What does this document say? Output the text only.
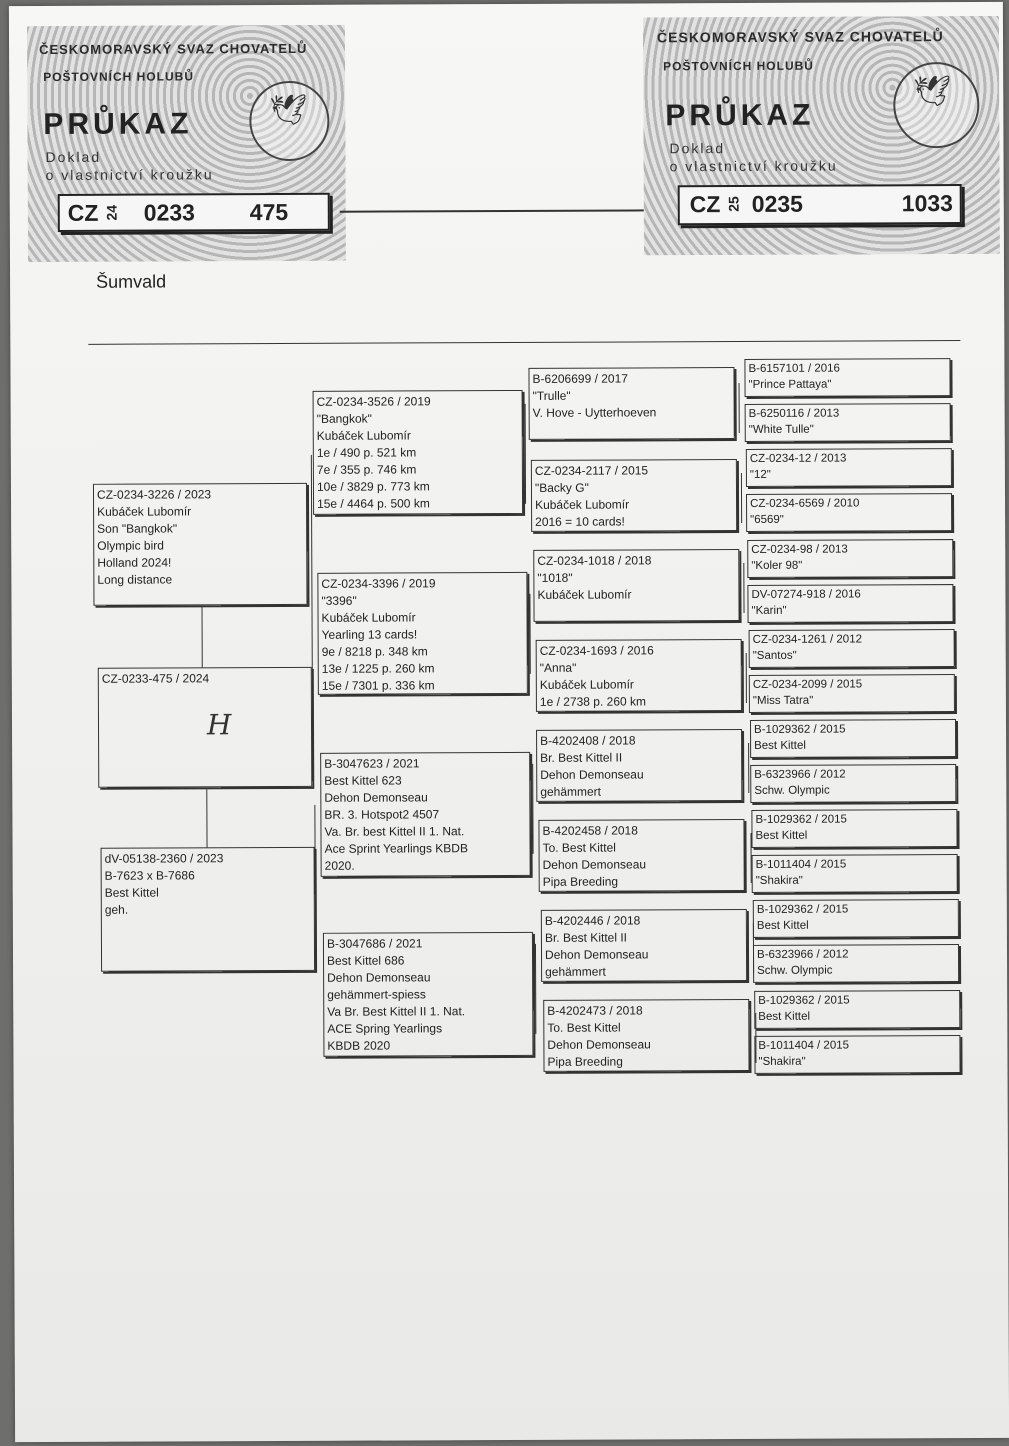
ČESKOMORAVSKÝ SVAZ CHOVATELŮ
POŠTOVNÍCH HOLUBŮ
PRŮKAZ
Doklad
o vlastnictví kroužku
🕊
CZ 24 0233 475
ČESKOMORAVSKÝ SVAZ CHOVATELŮ
POŠTOVNÍCH HOLUBŮ
PRŮKAZ
Doklad
o vlastnictví kroužku
🕊
CZ 25 0235	1033
Šumvald
CZ-0234-3226 / 2023
Kubáček Lubomír
Son "Bangkok"
Olympic bird
Holland 2024!
Long distance
CZ-0233-475 / 2024
H
dV-05138-2360 / 2023
B-7623 x B-7686
Best Kittel
geh.
CZ-0234-3526 / 2019
"Bangkok"
Kubáček Lubomír
1e / 490 p. 521 km
7e / 355 p. 746 km
10e / 3829 p. 773 km
15e / 4464 p. 500 km
CZ-0234-3396 / 2019
"3396"
Kubáček Lubomír
Yearling 13 cards!
9e / 8218 p. 348 km
13e / 1225 p. 260 km
15e / 7301 p. 336 km
B-3047623 / 2021
Best Kittel 623
Dehon Demonseau
BR. 3. Hotspot2 4507
Va. Br. best Kittel II 1. Nat.
Ace Sprint Yearlings KBDB
2020.
B-3047686 / 2021
Best Kittel 686
Dehon Demonseau
gehämmert-spiess
Va Br. Best Kittel II 1. Nat.
ACE Spring Yearlings
KBDB 2020
B-6206699 / 2017
"Trulle"
V. Hove - Uytterhoeven
CZ-0234-2117 / 2015
"Backy G"
Kubáček Lubomír
2016 = 10 cards!
CZ-0234-1018 / 2018
"1018"
Kubáček Lubomír
CZ-0234-1693 / 2016
"Anna"
Kubáček Lubomír
1e / 2738 p. 260 km
B-4202408 / 2018
Br. Best Kittel II
Dehon Demonseau
gehämmert
B-4202458 / 2018
To. Best Kittel
Dehon Demonseau
Pipa Breeding
B-4202446 / 2018
Br. Best Kittel II
Dehon Demonseau
gehämmert
B-4202473 / 2018
To. Best Kittel
Dehon Demonseau
Pipa Breeding
B-6157101 / 2016
"Prince Pattaya"
B-6250116 / 2013
"White Tulle"
CZ-0234-12 / 2013
"12"
CZ-0234-6569 / 2010
"6569"
CZ-0234-98 / 2013
"Koler 98"
DV-07274-918 / 2016
"Karin"
CZ-0234-1261 / 2012
"Santos"
CZ-0234-2099 / 2015
"Miss Tatra"
B-1029362 / 2015
Best Kittel
B-6323966 / 2012
Schw. Olympic
B-1029362 / 2015
Best Kittel
B-1011404 / 2015
"Shakira"
B-1029362 / 2015
Best Kittel
B-6323966 / 2012
Schw. Olympic
B-1029362 / 2015
Best Kittel
B-1011404 / 2015
"Shakira"
